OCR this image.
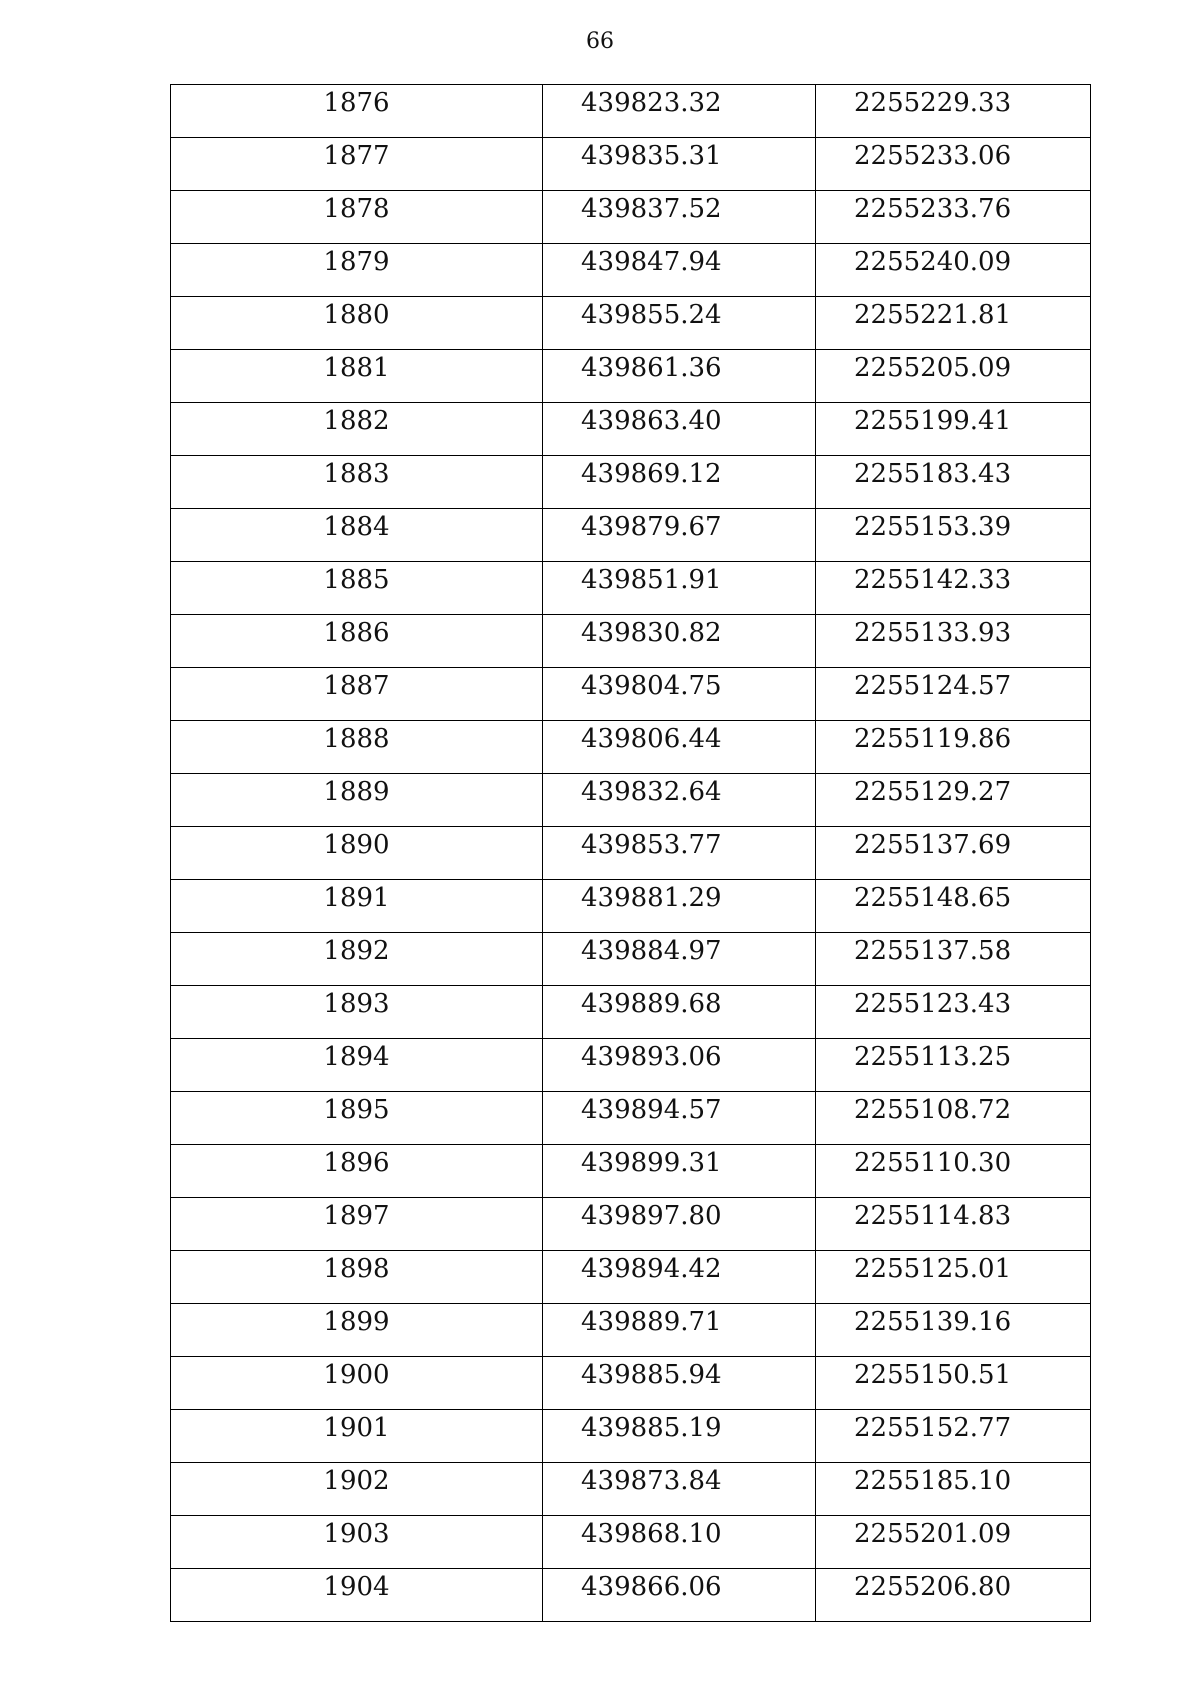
66
1876	439823.32	2255229.33

1877	439835.31	2255233.06

1878	439837.52	2255233.76

1879	439847.94	2255240.09

1880	439855.24	2255221.81

1881	439861.36	2255205.09

1882	439863.40	2255199.41

1883	439869.12	2255183.43

1884	439879.67	2255153.39

1885	439851.91	2255142.33

1886	439830.82	2255133.93

1887	439804.75	2255124.57

1888	439806.44	2255119.86

1889	439832.64	2255129.27

1890	439853.77	2255137.69

1891	439881.29	2255148.65

1892	439884.97	2255137.58

1893	439889.68	2255123.43

1894	439893.06	2255113.25

1895	439894.57	2255108.72

1896	439899.31	2255110.30

1897	439897.80	2255114.83

1898	439894.42	2255125.01

1899	439889.71	2255139.16

1900	439885.94	2255150.51

1901	439885.19	2255152.77

1902	439873.84	2255185.10

1903	439868.10	2255201.09

1904	439866.06	2255206.80
